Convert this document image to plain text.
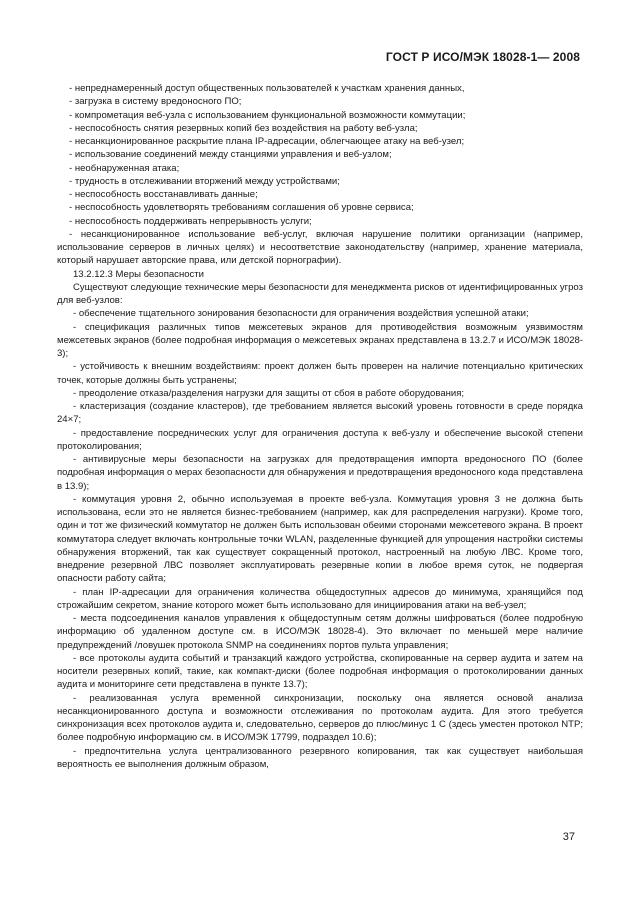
ГОСТ Р ИСО/МЭК 18028-1— 2008

- непреднамеренный доступ общественных пользователей к участкам хранения данных,

- загрузка в систему вредоносного ПО;

- компрометация веб-узла с использованием функциональной возможности коммутации;

- неспособность снятия резервных копий без воздействия на работу веб-узла;

- несанкционированное раскрытие плана IP-адресации, облегчающее атаку на веб-узел;

- использование соединений между станциями управления и веб-узлом;

- необнаруженная атака;

- трудность в отслеживании вторжений между устройствами;

- неспособность восстанавливать данные;

- неспособность удовлетворять требованиям соглашения об уровне сервиса;

- неспособность поддерживать непрерывность услуги;

- несанкционированное использование веб-услуг, включая нарушение политики организации (например, использование серверов в личных целях) и несоответствие законодательству (например, хранение материала, который нарушает авторские права, или детской порнографии).

13.2.12.3 Меры безопасности

Существуют следующие технические меры безопасности для менеджмента рисков от идентифицированных угроз для веб-узлов:

- обеспечение тщательного зонирования безопасности для ограничения воздействия успешной атаки;

- спецификация различных типов межсетевых экранов для противодействия возможным уязвимостям межсетевых экранов (более подробная информация о межсетевых экранах представлена в 13.2.7 и ИСО/МЭК 18028-3);

- устойчивость к внешним воздействиям: проект должен быть проверен на наличие потенциально критических точек, которые должны быть устранены;

- преодоление отказа/разделения нагрузки для защиты от сбоя в работе оборудования;

- кластеризация (создание кластеров), где требованием является высокий уровень готовности в среде порядка 24×7;

- предоставление посреднических услуг для ограничения доступа к веб-узлу и обеспечение высокой степени протоколирования;

- антивирусные меры безопасности на загрузках для предотвращения импорта вредоносного ПО (более подробная информация о мерах безопасности для обнаружения и предотвращения вредоносного кода представлена в 13.9);

- коммутация уровня 2, обычно используемая в проекте веб-узла. Коммутация уровня 3 не должна быть использована, если это не является бизнес-требованием (например, как для распределения нагрузки). Кроме того, один и тот же физический коммутатор не должен быть использован обеими сторонами межсетевого экрана. В проект коммутатора следует включать контрольные точки WLAN, разделенные функцией для упрощения настройки системы обнаружения вторжений, так как существует сокращенный протокол, настроенный на любую ЛВС. Кроме того, внедрение резервной ЛВС позволяет эксплуатировать резервные копии в любое время суток, не подвергая опасности работу сайта;

- план IP-адресации для ограничения количества общедоступных адресов до минимума, хранящийся под строжайшим секретом, знание которого может быть использовано для инициирования атаки на веб-узел;

- места подсоединения каналов управления к общедоступным сетям должны шифроваться (более подробную информацию об удаленном доступе см. в ИСО/МЭК 18028-4). Это включает по меньшей мере наличие предупреждений /ловушек протокола SNMP на соединениях портов пульта управления;

- все протоколы аудита событий и транзакций каждого устройства, скопированные на сервер аудита и затем на носители резервных копий, такие, как компакт-диски (более подробная информация о протоколировании данных аудита и мониторинге сети представлена в пункте 13.7);

- реализованная услуга временной синхронизации, поскольку она является основой анализа несанкционированного доступа и возможности отслеживания по протоколам аудита. Для этого требуется синхронизация всех протоколов аудита и, следовательно, серверов до плюс/минус 1 С (здесь уместен протокол NTP; более подробную информацию см. в ИСО/МЭК 17799, подраздел 10.6);

- предпочтительна услуга централизованного резервного копирования, так как существует наибольшая вероятность ее выполнения должным образом,

37
